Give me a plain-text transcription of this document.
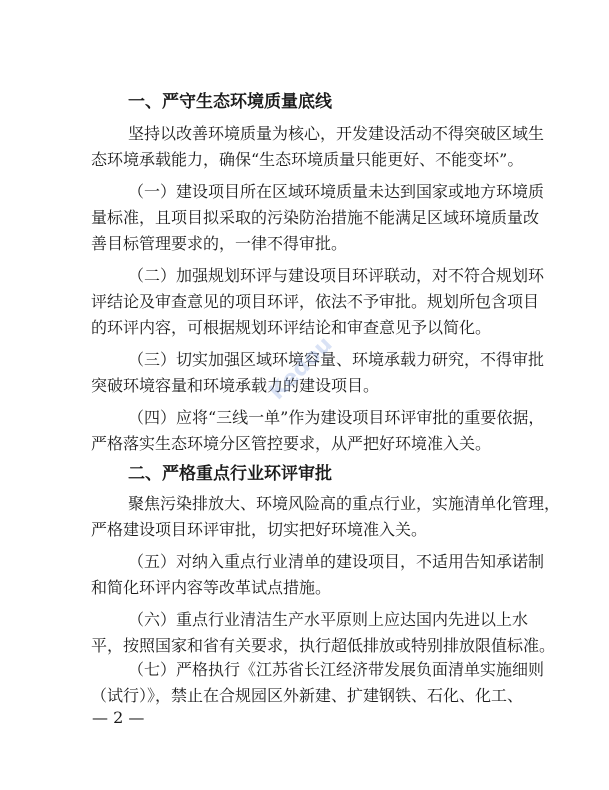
一、严守生态环境质量底线
坚持以改善环境质量为核心，开发建设活动不得突破区域生
态环境承载能力，确保“生态环境质量只能更好、不能变坏”。
（一）建设项目所在区域环境质量未达到国家或地方环境质
量标准，且项目拟采取的污染防治措施不能满足区域环境质量改
善目标管理要求的，一律不得审批。
（二）加强规划环评与建设项目环评联动，对不符合规划环
评结论及审查意见的项目环评，依法不予审批。规划所包含项目
的环评内容，可根据规划环评结论和审查意见予以简化。
（三）切实加强区域环境容量、环境承载力研究，不得审批
突破环境容量和环境承载力的建设项目。
（四）应将“三线一单”作为建设项目环评审批的重要依据，
严格落实生态环境分区管控要求，从严把好环境准入关。
二、严格重点行业环评审批
聚焦污染排放大、环境风险高的重点行业，实施清单化管理，
严格建设项目环评审批，切实把好环境准入关。
（五）对纳入重点行业清单的建设项目，不适用告知承诺制
和简化环评内容等改革试点措施。
（六）重点行业清洁生产水平原则上应达国内先进以上水
平，按照国家和省有关要求，执行超低排放或特别排放限值标准。
（七）严格执行《江苏省长江经济带发展负面清单实施细则
（试行）》，禁止在合规园区外新建、扩建钢铁、石化、化工、
— 2 —
Kedou
